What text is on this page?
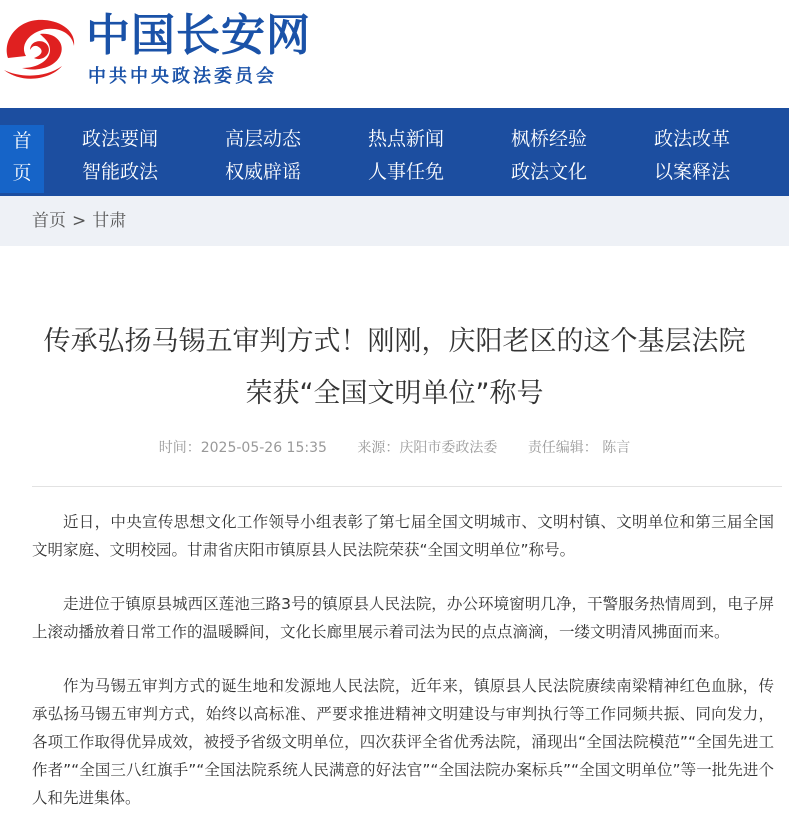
中国长安网
中共中央政法委员会
首
页
政法要闻	高层动态	热点新闻	枫桥经验	政法改革
智能政法	权威辟谣	人事任免	政法文化	以案释法
首页 > 甘肃
传承弘扬马锡五审判方式！刚刚，庆阳老区的这个基层法院
荣获“全国文明单位”称号
时间：2025-05-26 15:35 来源：庆阳市委政法委 责任编辑： 陈言

近日，中央宣传思想文化工作领导小组表彰了第七届全国文明城市、文明村镇、文明单位和第三届全国文明家庭、文明校园。甘肃省庆阳市镇原县人民法院荣获“全国文明单位”称号。

走进位于镇原县城西区莲池三路3号的镇原县人民法院，办公环境窗明几净，干警服务热情周到，电子屏上滚动播放着日常工作的温暖瞬间，文化长廊里展示着司法为民的点点滴滴，一缕文明清风拂面而来。

作为马锡五审判方式的诞生地和发源地人民法院，近年来，镇原县人民法院赓续南梁精神红色血脉，传承弘扬马锡五审判方式，始终以高标准、严要求推进精神文明建设与审判执行等工作同频共振、同向发力，各项工作取得优异成效，被授予省级文明单位，四次获评全省优秀法院，涌现出“全国法院模范”“全国先进工作者”“全国三八红旗手”“全国法院系统人民满意的好法官”“全国法院办案标兵”“全国文明单位”等一批先进个人和先进集体。
